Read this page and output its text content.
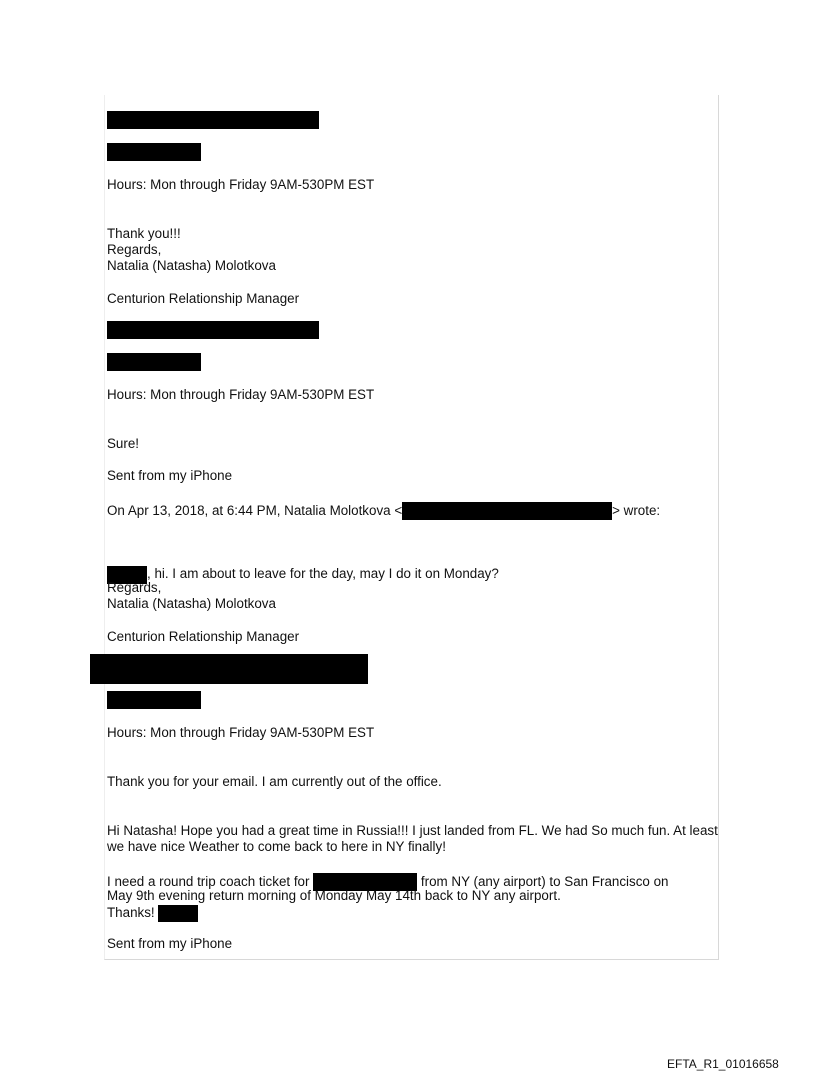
Hours: Mon through Friday 9AM-530PM EST
Thank you!!!
Regards,
Natalia (Natasha) Molotkova
Centurion Relationship Manager
Hours: Mon through Friday 9AM-530PM EST
Sure!
Sent from my iPhone
On Apr 13, 2018, at 6:44 PM, Natalia Molotkova <	> wrote:
, hi. I am about to leave for the day, may I do it on Monday?
Regards,
Natalia (Natasha) Molotkova
Centurion Relationship Manager
Hours: Mon through Friday 9AM-530PM EST
Thank you for your email. I am currently out of the office.
Hi Natasha! Hope you had a great time in Russia!!! I just landed from FL. We had So much fun. At least we have nice Weather to come back to here in NY finally!
I need a round trip coach ticket for	from NY (any airport) to San Francisco on
May 9th evening return morning of Monday May 14th back to NY any airport.
Thanks!
Sent from my iPhone
EFTA_R1_01016658
